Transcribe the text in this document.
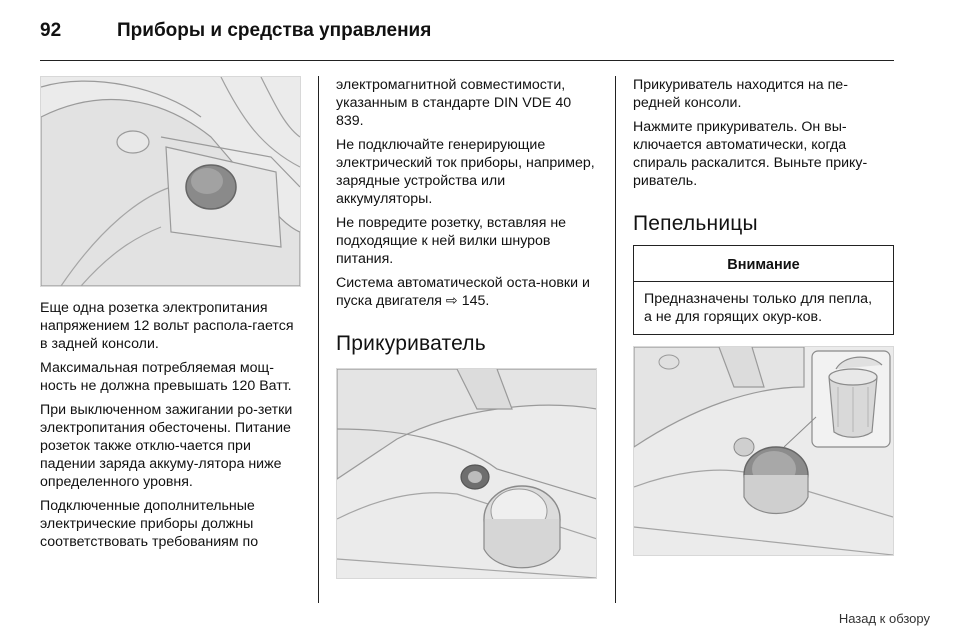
92	Приборы и средства управления

Еще одна розетка электропитания напряжением 12 вольт распола-гается в задней консоли.

Максимальная потребляемая мощ-ность не должна превышать 120 Ватт.

При выключенном зажигании ро-зетки электропитания обесточены. Питание розеток также отклю-чается при падении заряда аккуму-лятора ниже определенного уровня.

Подключенные дополнительные электрические приборы должны соответствовать требованиям по

электромагнитной совместимости, указанным в стандарте DIN VDE 40 839.

Не подключайте генерирующие электрический ток приборы, например, зарядные устройства или аккумуляторы.

Не повредите розетку, вставляя не подходящие к ней вилки шнуров питания.

Система автоматической оста-новки и пуска двигателя ⇨ 145.

Прикуриватель

Прикуриватель находится на пе-редней консоли.

Нажмите прикуриватель. Он вы-ключается автоматически, когда спираль раскалится. Выньте прику-риватель.

Пепельницы
Внимание
Предназначены только для пепла, а не для горящих окур-ков.
Назад к обзору
